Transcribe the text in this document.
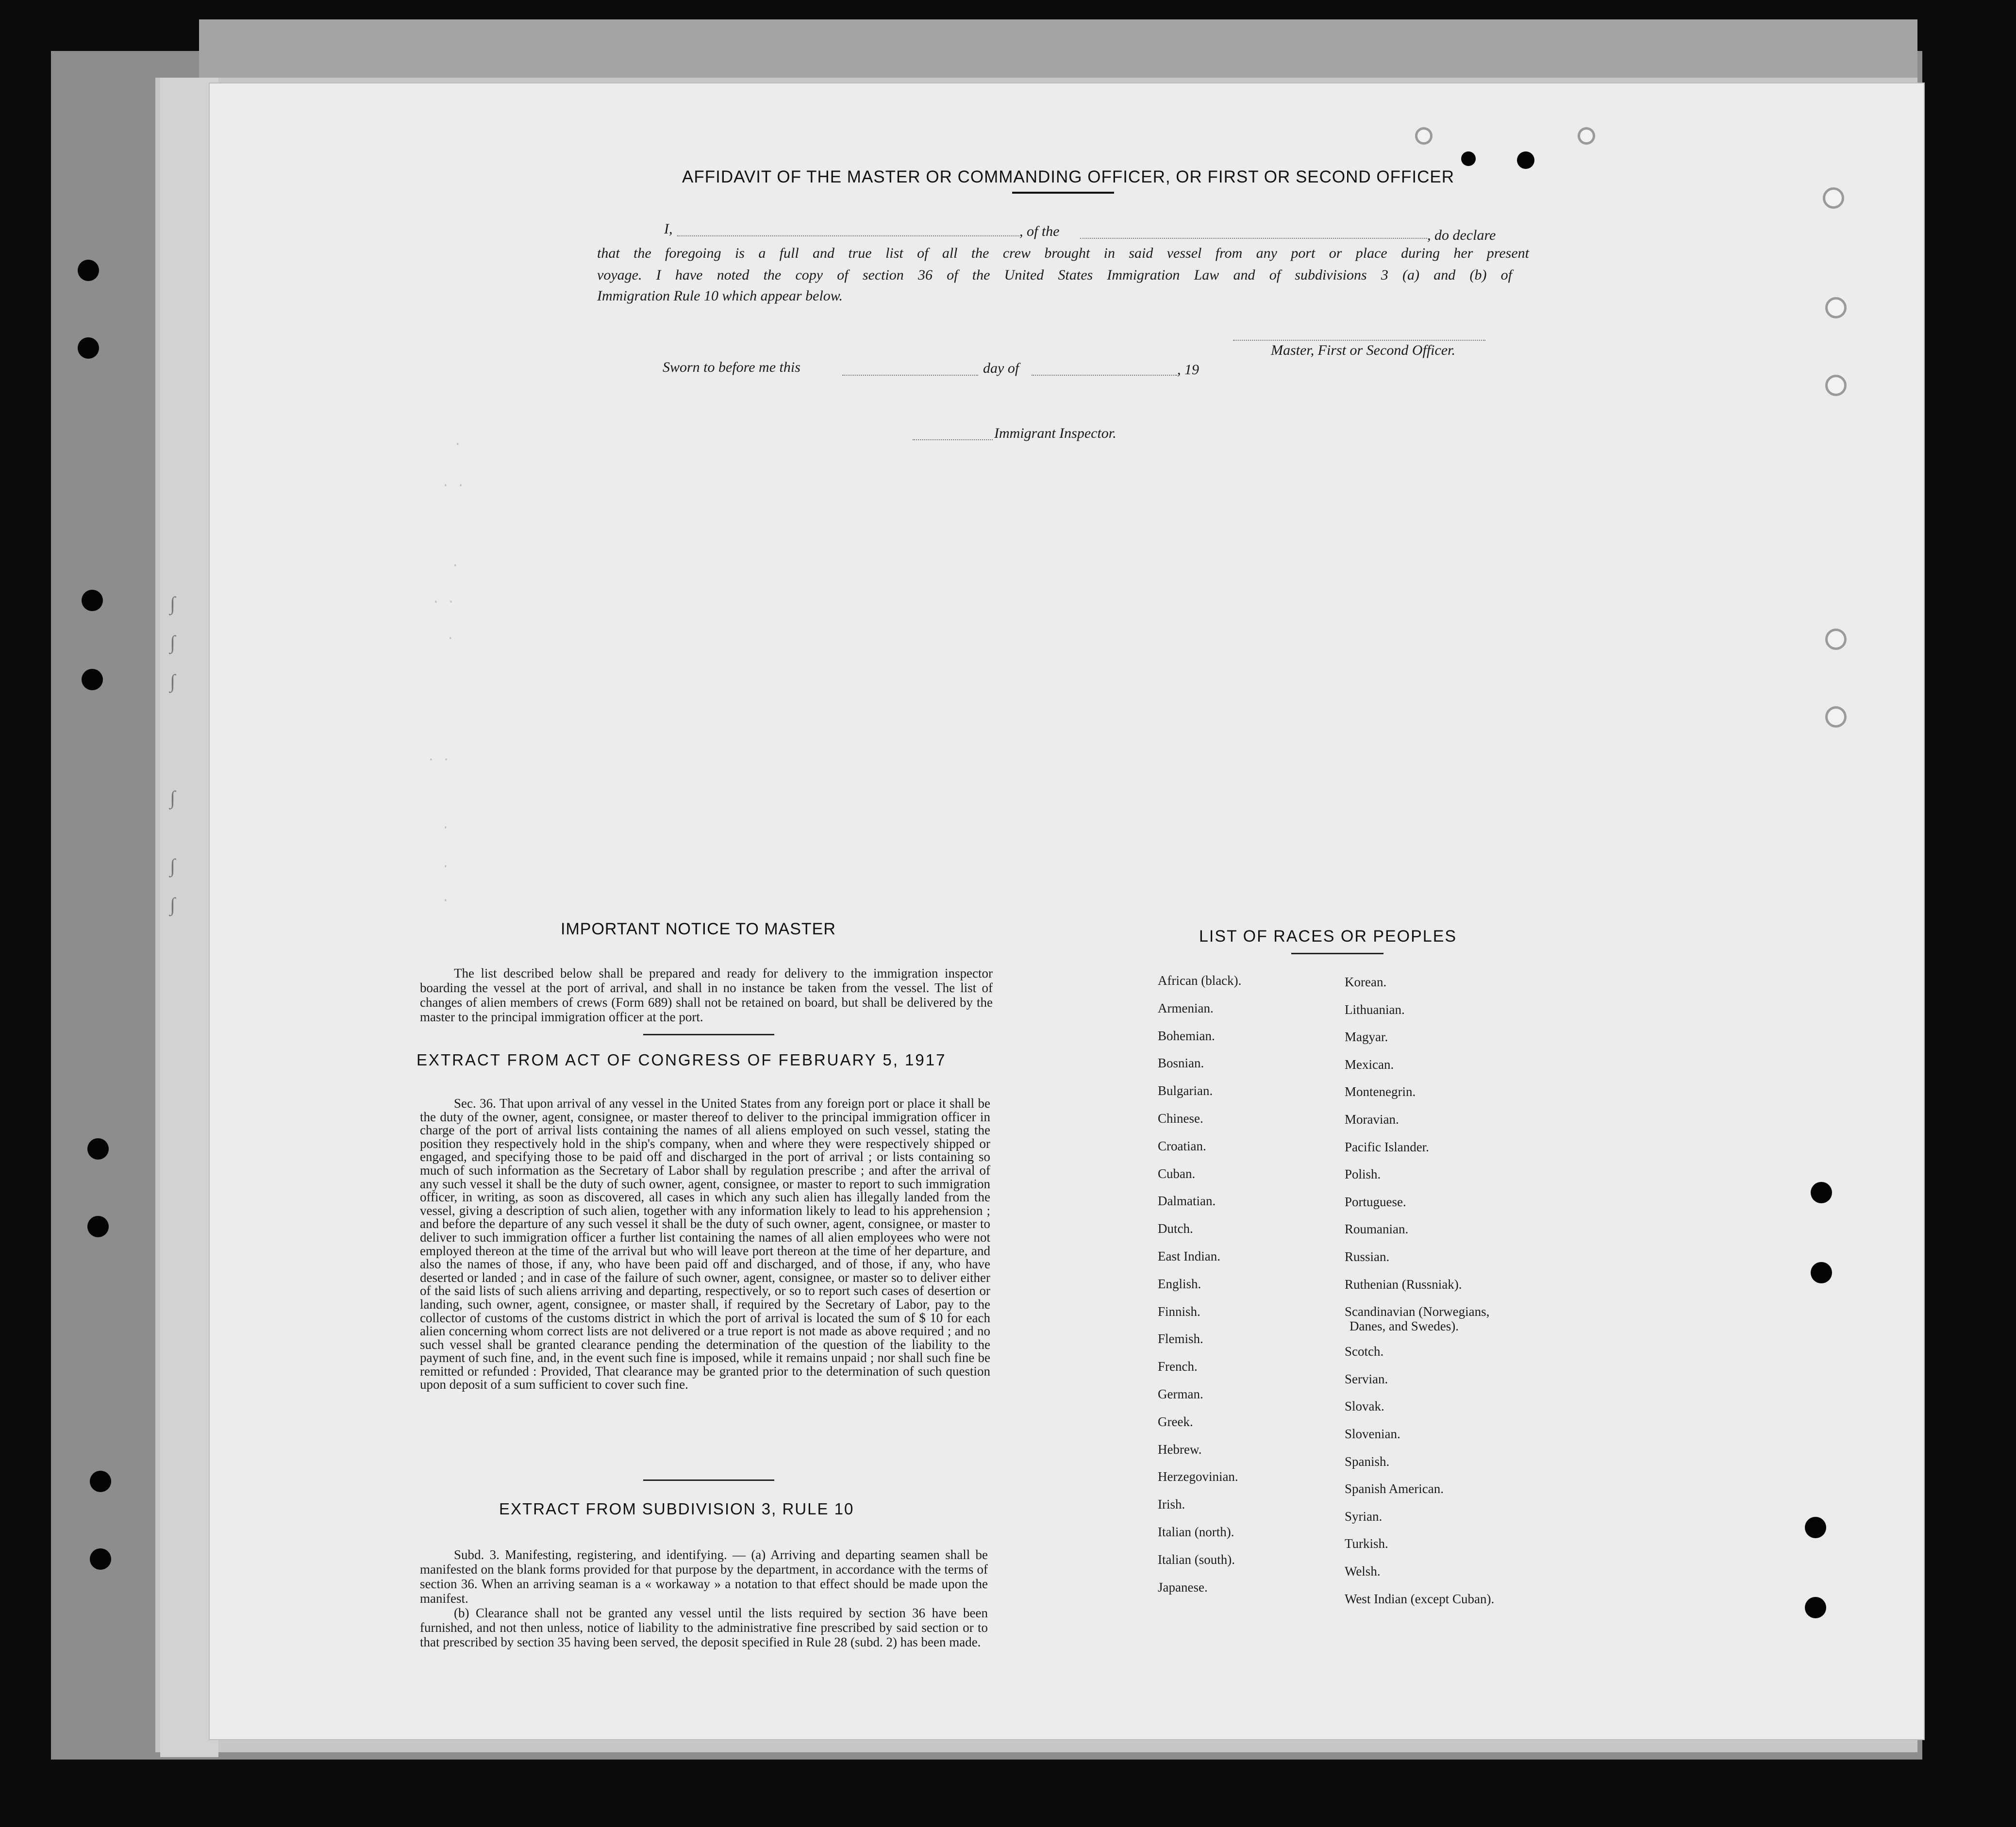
∫
∫
∫
∫
∫
∫
·
· ·
·
· ·
·
· ·
·
·
·
AFFIDAVIT OF THE MASTER OR COMMANDING OFFICER, OR FIRST OR SECOND OFFICER
I,	, of the	, do declare
that the foregoing is a full and true list of all the crew brought in said vessel from any port or place during her present
voyage. I have noted the copy of section 36 of the United States Immigration Law and of subdivisions 3 (a) and (b) of
Immigration Rule 10 which appear below.
Master, First or Second Officer.
Sworn to before me this	day of	, 19
Immigrant Inspector.
IMPORTANT NOTICE TO MASTER

The list described below shall be prepared and ready for delivery to the immigration inspector boarding the vessel at the port of arrival, and shall in no instance be taken from the vessel. The list of changes of alien members of crews (Form 689) shall not be retained on board, but shall be delivered by the master to the principal immigration officer at the port.

EXTRACT FROM ACT OF CONGRESS OF FEBRUARY 5, 1917

Sec. 36. That upon arrival of any vessel in the United States from any foreign port or place it shall be the duty of the owner, agent, consignee, or master thereof to deliver to the principal immigration officer in charge of the port of arrival lists containing the names of all aliens employed on such vessel, stating the position they respectively hold in the ship's company, when and where they were respectively shipped or engaged, and specifying those to be paid off and discharged in the port of arrival ; or lists containing so much of such information as the Secretary of Labor shall by regulation prescribe ; and after the arrival of any such vessel it shall be the duty of such owner, agent, consignee, or master to report to such immigration officer, in writing, as soon as discovered, all cases in which any such alien has illegally landed from the vessel, giving a description of such alien, together with any information likely to lead to his apprehension ; and before the departure of any such vessel it shall be the duty of such owner, agent, consignee, or master to deliver to such immigration officer a further list containing the names of all alien employees who were not employed thereon at the time of the arrival but who will leave port thereon at the time of her departure, and also the names of those, if any, who have been paid off and discharged, and of those, if any, who have deserted or landed ; and in case of the failure of such owner, agent, consignee, or master so to deliver either of the said lists of such aliens arriving and departing, respectively, or so to report such cases of desertion or landing, such owner, agent, consignee, or master shall, if required by the Secretary of Labor, pay to the collector of customs of the customs district in which the port of arrival is located the sum of $ 10 for each alien concerning whom correct lists are not delivered or a true report is not made as above required ; and no such vessel shall be granted clearance pending the determination of the question of the liability to the payment of such fine, and, in the event such fine is imposed, while it remains unpaid ; nor shall such fine be remitted or refunded : Provided, That clearance may be granted prior to the determination of such question upon deposit of a sum sufficient to cover such fine.

EXTRACT FROM SUBDIVISION 3, RULE 10

Subd. 3. Manifesting, registering, and identifying. — (a) Arriving and departing seamen shall be manifested on the blank forms provided for that purpose by the department, in accordance with the terms of section 36. When an arriving seaman is a « workaway » a notation to that effect should be made upon the manifest.

(b) Clearance shall not be granted any vessel until the lists required by section 36 have been furnished, and not then unless, notice of liability to the administrative fine prescribed by said section or to that prescribed by section 35 having been served, the deposit specified in Rule 28 (subd. 2) has been made.

LIST OF RACES OR PEOPLES
African (black).
Armenian.
Bohemian.
Bosnian.
Bulgarian.
Chinese.
Croatian.
Cuban.
Dalmatian.
Dutch.
East Indian.
English.
Finnish.
Flemish.
French.
German.
Greek.
Hebrew.
Herzegovinian.
Irish.
Italian (north).
Italian (south).
Japanese.
Korean.
Lithuanian.
Magyar.
Mexican.
Montenegrin.
Moravian.
Pacific Islander.
Polish.
Portuguese.
Roumanian.
Russian.
Ruthenian (Russniak).
Scandinavian (Norwegians,
Danes, and Swedes).
Scotch.
Servian.
Slovak.
Slovenian.
Spanish.
Spanish American.
Syrian.
Turkish.
Welsh.
West Indian (except Cuban).
